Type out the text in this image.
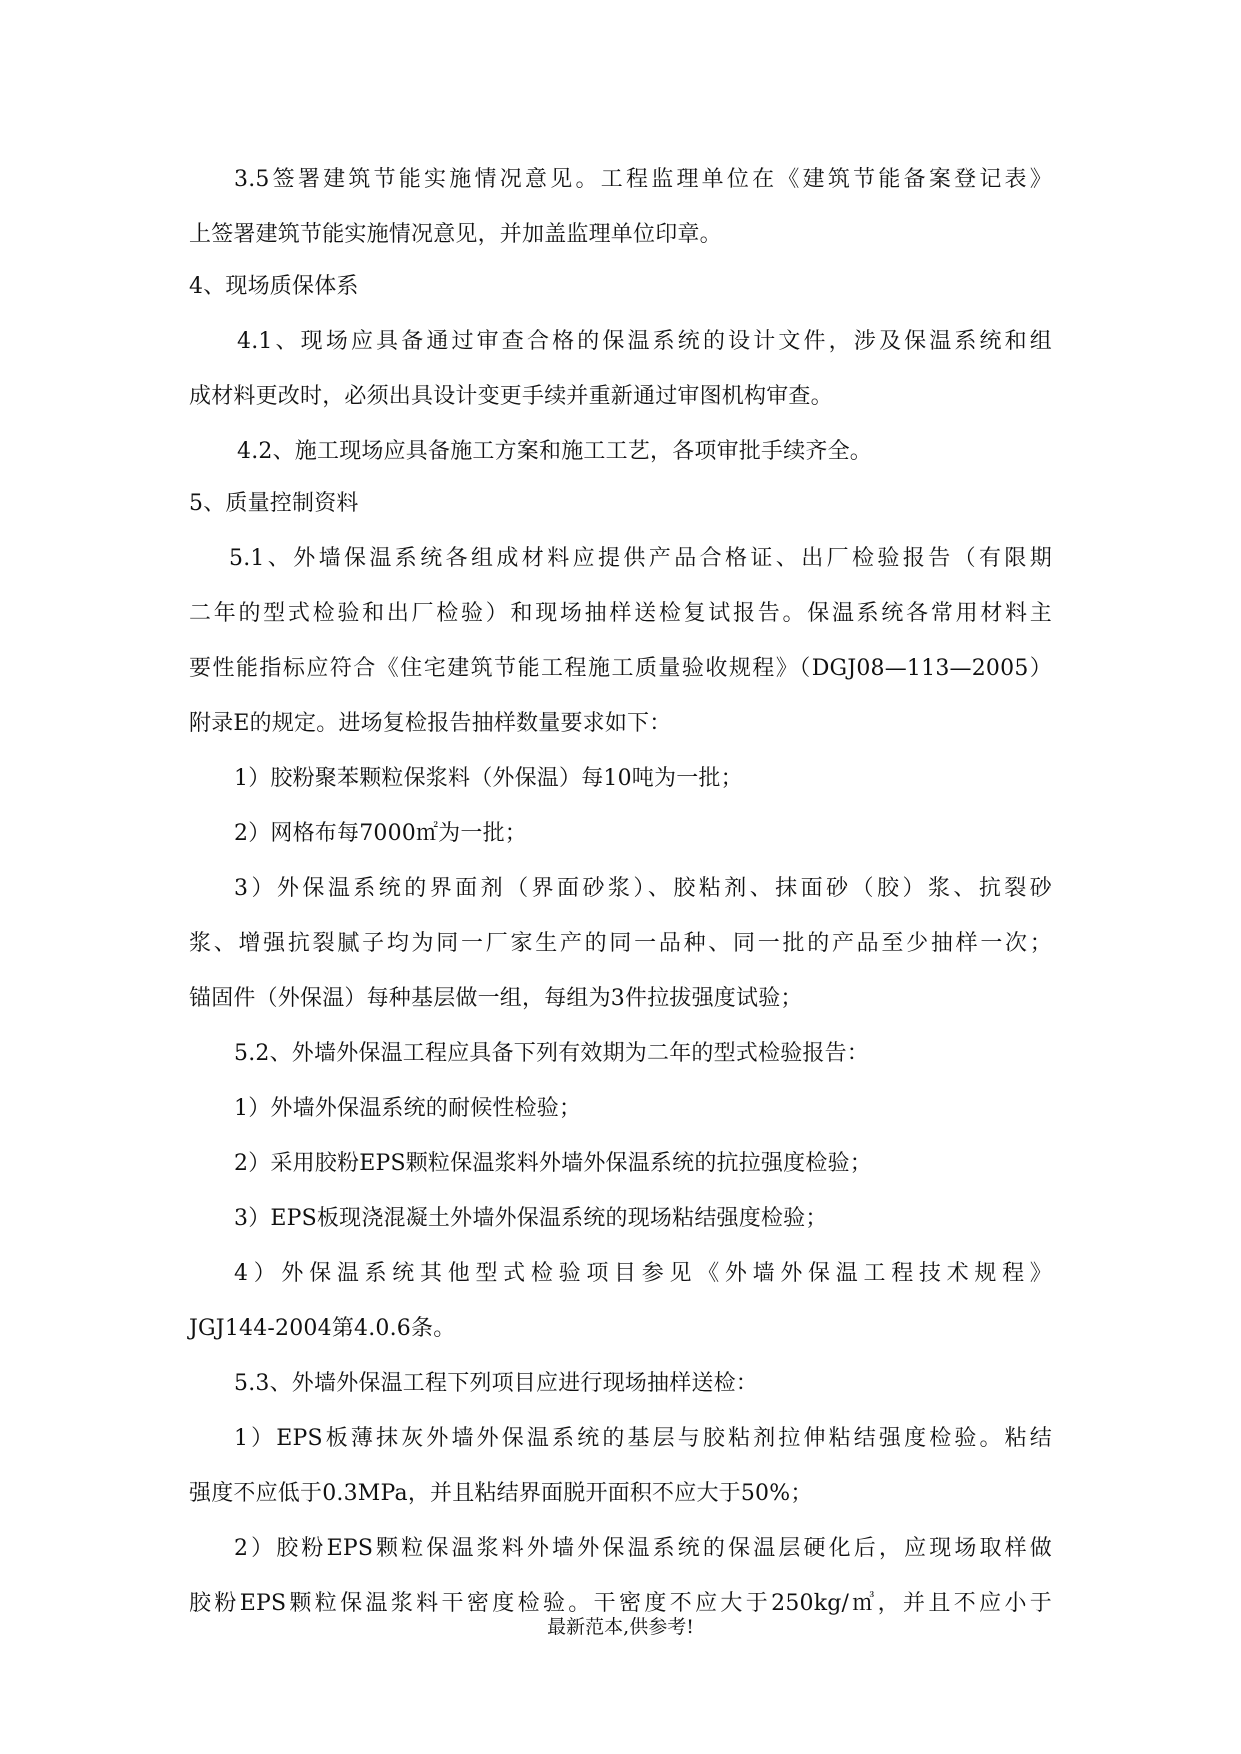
3.5签署建筑节能实施情况意见。工程监理单位在《建筑节能备案登记表》
上签署建筑节能实施情况意见，并加盖监理单位印章。
4、现场质保体系
4.1、现场应具备通过审查合格的保温系统的设计文件，涉及保温系统和组
成材料更改时，必须出具设计变更手续并重新通过审图机构审查。
4.2、施工现场应具备施工方案和施工工艺，各项审批手续齐全。
5、质量控制资料
5.1、外墙保温系统各组成材料应提供产品合格证、出厂检验报告（有限期
二年的型式检验和出厂检验）和现场抽样送检复试报告。保温系统各常用材料主
要性能指标应符合《住宅建筑节能工程施工质量验收规程》（DGJ08—113—2005）
附录E的规定。进场复检报告抽样数量要求如下：
1）胶粉聚苯颗粒保浆料（外保温）每10吨为一批；
2）网格布每7000㎡为一批；
3）外保温系统的界面剂（界面砂浆）、胶粘剂、抹面砂（胶）浆、抗裂砂
浆、增强抗裂腻子均为同一厂家生产的同一品种、同一批的产品至少抽样一次；
锚固件（外保温）每种基层做一组，每组为3件拉拔强度试验；
5.2、外墙外保温工程应具备下列有效期为二年的型式检验报告：
1）外墙外保温系统的耐候性检验；
2）采用胶粉EPS颗粒保温浆料外墙外保温系统的抗拉强度检验；
3）EPS板现浇混凝土外墙外保温系统的现场粘结强度检验；
4）外保温系统其他型式检验项目参见《外墙外保温工程技术规程》
JGJ144-2004第4.0.6条。
5.3、外墙外保温工程下列项目应进行现场抽样送检：
1）EPS板薄抹灰外墙外保温系统的基层与胶粘剂拉伸粘结强度检验。粘结
强度不应低于0.3MPa，并且粘结界面脱开面积不应大于50%；
2）胶粉EPS颗粒保温浆料外墙外保温系统的保温层硬化后，应现场取样做
胶粉EPS颗粒保温浆料干密度检验。干密度不应大于250kg/㎥，并且不应小于
最新范本,供参考!
